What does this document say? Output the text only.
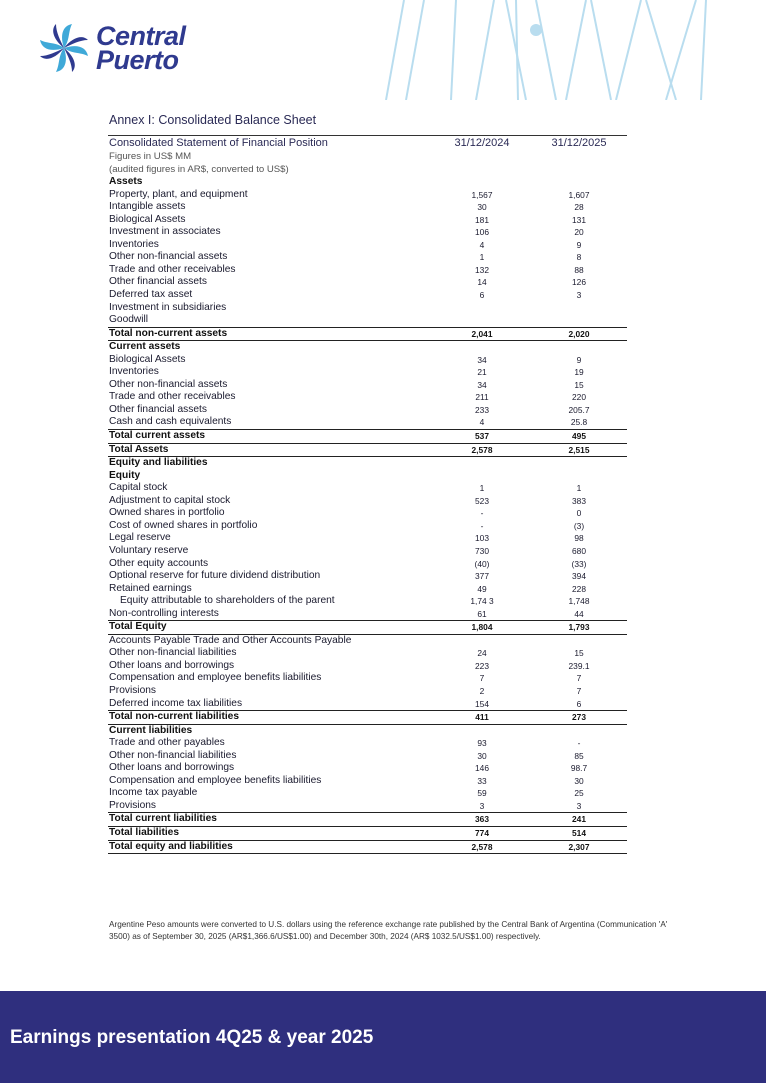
Central
Puerto
Annex I: Consolidated Balance Sheet
Consolidated Statement of Financial Position	31/12/2024	31/12/2025
Figures in US$ MM		
(audited figures in AR$, converted to US$)		
Assets		
Property, plant, and equipment	1,567	1,607
Intangible assets	30	28
Biological Assets	181	131
Investment in associates	106	20
Inventories	4	9
Other non-financial assets	1	8
Trade and other receivables	132	88
Other financial assets	14	126
Deferred tax asset	6	3
Investment in subsidiaries		
Goodwill		
Total non-current assets	2,041	2,020
Current assets		
Biological Assets	34	9
Inventories	21	19
Other non-financial assets	34	15
Trade and other receivables	211	220
Other financial assets	233	205.7
Cash and cash equivalents	4	25.8
Total current assets	537	495
Total Assets	2,578	2,515
Equity and liabilities		
Equity		
Capital stock	1	1
Adjustment to capital stock	523	383
Owned shares in portfolio	-	0
Cost of owned shares in portfolio	-	(3)
Legal reserve	103	98
Voluntary reserve	730	680
Other equity accounts	(40)	(33)
Optional reserve for future dividend distribution	377	394
Retained earnings	49	228
Equity attributable to shareholders of the parent	1,74 3	1,748
Non-controlling interests	61	44
Total Equity	1,804	1,793
Accounts Payable Trade and Other Accounts Payable		
Other non-financial liabilities	24	15
Other loans and borrowings	223	239.1
Compensation and employee benefits liabilities	7	7
Provisions	2	7
Deferred income tax liabilities	154	6
Total non-current liabilities	411	273
Current liabilities		
Trade and other payables	93	-
Other non-financial liabilities	30	85
Other loans and borrowings	146	98.7
Compensation and employee benefits liabilities	33	30
Income tax payable	59	25
Provisions	3	3
Total current liabilities	363	241
Total liabilities	774	514
Total equity and liabilities	2,578	2,307

Argentine Peso amounts were converted to U.S. dollars using the reference exchange rate published by the Central Bank of Argentina (Communication 'A' 3500) as of September 30, 2025 (AR$1,366.6/US$1.00) and December 30th, 2024 (AR$ 1032.5/US$1.00) respectively.

Earnings presentation 4Q25 & year 2025
